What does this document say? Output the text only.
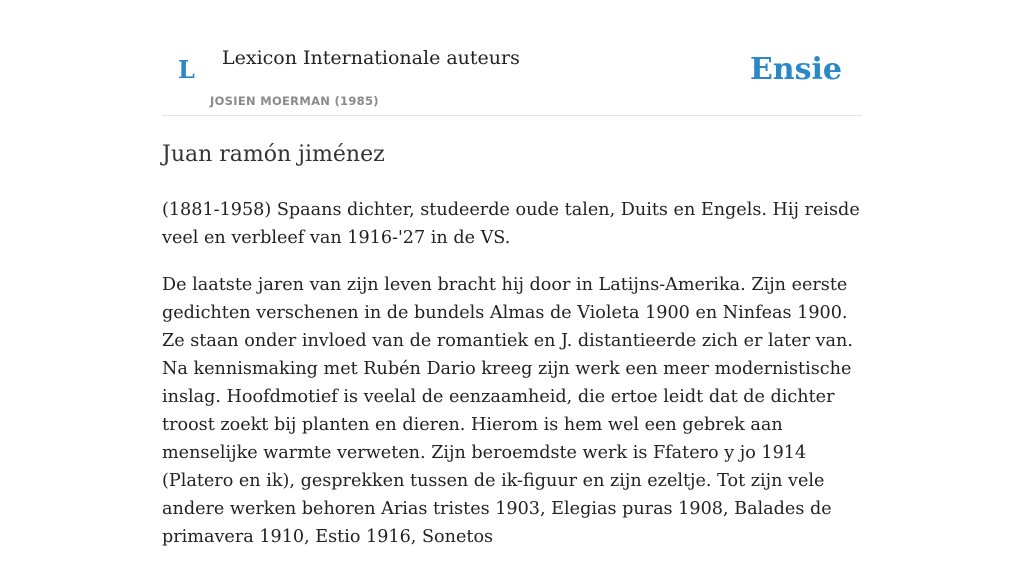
L Lexicon Internationale auteurs
JOSIEN MOERMAN (1985)
Ensie
Juan ramón jiménez

(1881-1958) Spaans dichter, studeerde oude talen, Duits en Engels. Hij reisde veel en verbleef van 1916-'27 in de VS.

De laatste jaren van zijn leven bracht hij door in Latijns-Amerika. Zijn eerste gedichten verschenen in de bundels Almas de Violeta 1900 en Ninfeas 1900. Ze staan onder invloed van de romantiek en J. distantieerde zich er later van. Na kennismaking met Rubén Dario kreeg zijn werk een meer modernistische inslag. Hoofdmotief is veelal de eenzaamheid, die ertoe leidt dat de dichter troost zoekt bij planten en dieren. Hierom is hem wel een gebrek aan menselijke warmte verweten. Zijn beroemdste werk is Ffatero y jo 1914 (Platero en ik), gesprekken tussen de ik-figuur en zijn ezeltje. Tot zijn vele andere werken behoren Arias tristes 1903, Elegias puras 1908, Balades de primavera 1910, Estio 1916, Sonetos
